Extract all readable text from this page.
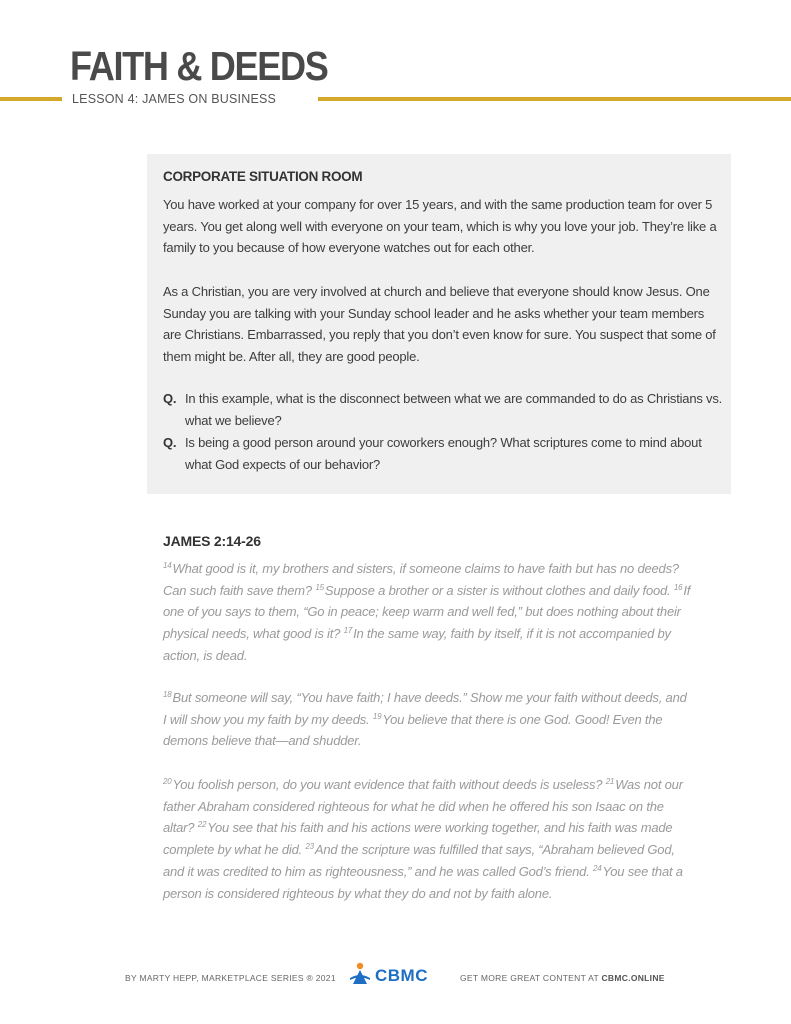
FAITH & DEEDS
LESSON 4: JAMES ON BUSINESS
CORPORATE SITUATION ROOM

You have worked at your company for over 15 years, and with the same production team for over 5 years. You get along well with everyone on your team, which is why you love your job. They’re like a family to you because of how everyone watches out for each other.

As a Christian, you are very involved at church and believe that everyone should know Jesus. One Sunday you are talking with your Sunday school leader and he asks whether your team members are Christians. Embarrassed, you reply that you don’t even know for sure. You suspect that some of them might be. After all, they are good people.

Q. In this example, what is the disconnect between what we are commanded to do as Christians vs. what we believe?
Q. Is being a good person around your coworkers enough? What scriptures come to mind about what God expects of our behavior?
JAMES 2:14-26

$^{14}$What good is it, my brothers and sisters, if someone claims to have faith but has no deeds? Can such faith save them? $^{15}$Suppose a brother or a sister is without clothes and daily food. $^{16}$If one of you says to them, “Go in peace; keep warm and well fed,” but does nothing about their physical needs, what good is it? $^{17}$In the same way, faith by itself, if it is not accompanied by action, is dead.

$^{18}$But someone will say, “You have faith; I have deeds.” Show me your faith without deeds, and I will show you my faith by my deeds. $^{19}$You believe that there is one God. Good! Even the demons believe that—and shudder.

$^{20}$You foolish person, do you want evidence that faith without deeds is useless? $^{21}$Was not our father Abraham considered righteous for what he did when he offered his son Isaac on the altar? $^{22}$You see that his faith and his actions were working together, and his faith was made complete by what he did. $^{23}$And the scripture was fulfilled that says, “Abraham believed God, and it was credited to him as righteousness,” and he was called God’s friend. $^{24}$You see that a person is considered righteous by what they do and not by faith alone.

BY MARTY HEPP, MARKETPLACE SERIES ® 2021 CBMC	GET MORE GREAT CONTENT AT CBMC.ONLINE
